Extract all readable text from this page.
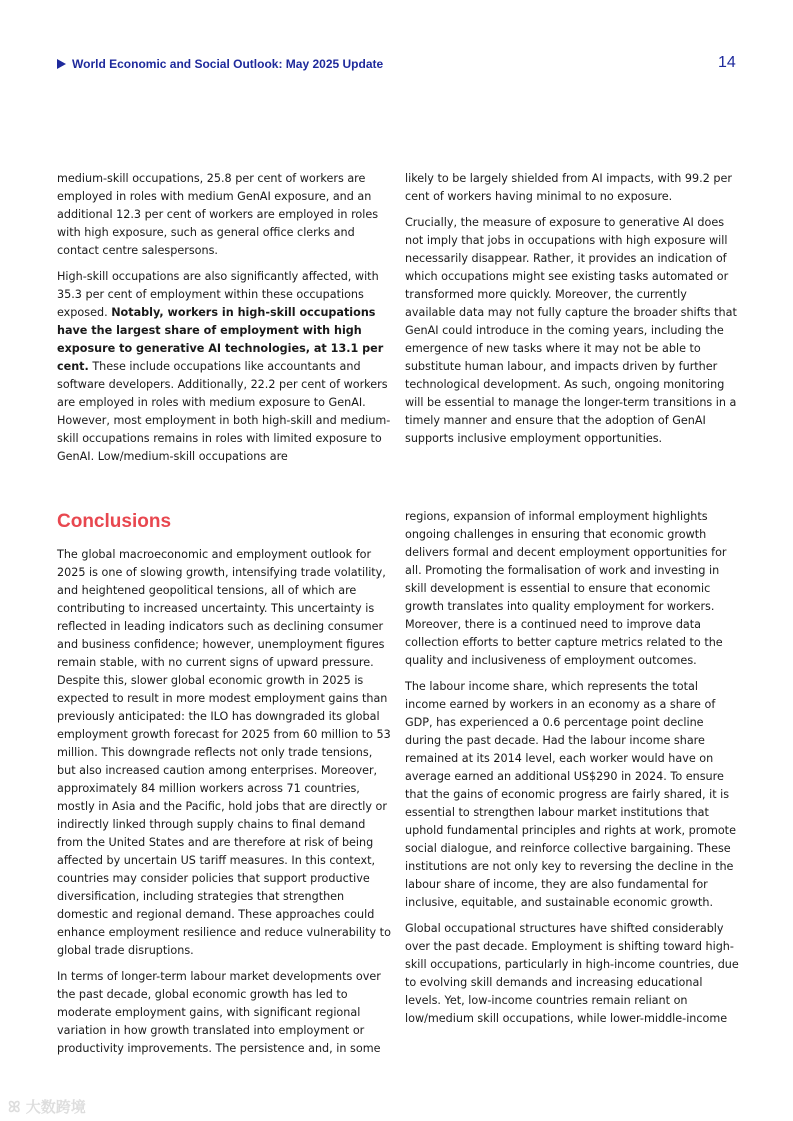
World Economic and Social Outlook: May 2025 Update	14

medium-skill occupations, 25.8 per cent of workers are employed in roles with medium GenAI exposure, and an additional 12.3 per cent of workers are employed in roles with high exposure, such as general office clerks and contact centre salespersons.

High-skill occupations are also significantly affected, with 35.3 per cent of employment within these occupations exposed. Notably, workers in high-skill occupations have the largest share of employment with high exposure to generative AI technologies, at 13.1 per cent. These include occupations like accountants and software developers. Additionally, 22.2 per cent of workers are employed in roles with medium exposure to GenAI. However, most employment in both high-skill and medium-skill occupations remains in roles with limited exposure to GenAI. Low/medium-skill occupations are

likely to be largely shielded from AI impacts, with 99.2 per cent of workers having minimal to no exposure.

Crucially, the measure of exposure to generative AI does not imply that jobs in occupations with high exposure will necessarily disappear. Rather, it provides an indication of which occupations might see existing tasks automated or transformed more quickly. Moreover, the currently available data may not fully capture the broader shifts that GenAI could introduce in the coming years, including the emergence of new tasks where it may not be able to substitute human labour, and impacts driven by further technological development. As such, ongoing monitoring will be essential to manage the longer-term transitions in a timely manner and ensure that the adoption of GenAI supports inclusive employment opportunities.

Conclusions

The global macroeconomic and employment outlook for 2025 is one of slowing growth, intensifying trade volatility, and heightened geopolitical tensions, all of which are contributing to increased uncertainty. This uncertainty is reflected in leading indicators such as declining consumer and business confidence; however, unemployment figures remain stable, with no current signs of upward pressure. Despite this, slower global economic growth in 2025 is expected to result in more modest employment gains than previously anticipated: the ILO has downgraded its global employment growth forecast for 2025 from 60 million to 53 million. This downgrade reflects not only trade tensions, but also increased caution among enterprises. Moreover, approximately 84 million workers across 71 countries, mostly in Asia and the Pacific, hold jobs that are directly or indirectly linked through supply chains to final demand from the United States and are therefore at risk of being affected by uncertain US tariff measures. In this context, countries may consider policies that support productive diversification, including strategies that strengthen domestic and regional demand. These approaches could enhance employment resilience and reduce vulnerability to global trade disruptions.

In terms of longer-term labour market developments over the past decade, global economic growth has led to moderate employment gains, with significant regional variation in how growth translated into employment or productivity improvements. The persistence and, in some

regions, expansion of informal employment highlights ongoing challenges in ensuring that economic growth delivers formal and decent employment opportunities for all. Promoting the formalisation of work and investing in skill development is essential to ensure that economic growth translates into quality employment for workers. Moreover, there is a continued need to improve data collection efforts to better capture metrics related to the quality and inclusiveness of employment outcomes.

The labour income share, which represents the total income earned by workers in an economy as a share of GDP, has experienced a 0.6 percentage point decline during the past decade. Had the labour income share remained at its 2014 level, each worker would have on average earned an additional US$290 in 2024. To ensure that the gains of economic progress are fairly shared, it is essential to strengthen labour market institutions that uphold fundamental principles and rights at work, promote social dialogue, and reinforce collective bargaining. These institutions are not only key to reversing the decline in the labour share of income, they are also fundamental for inclusive, equitable, and sustainable economic growth.

Global occupational structures have shifted considerably over the past decade. Employment is shifting toward high-skill occupations, particularly in high-income countries, due to evolving skill demands and increasing educational levels. Yet, low-income countries remain reliant on low/medium skill occupations, while lower-middle-income

ꕤ 大数跨境
